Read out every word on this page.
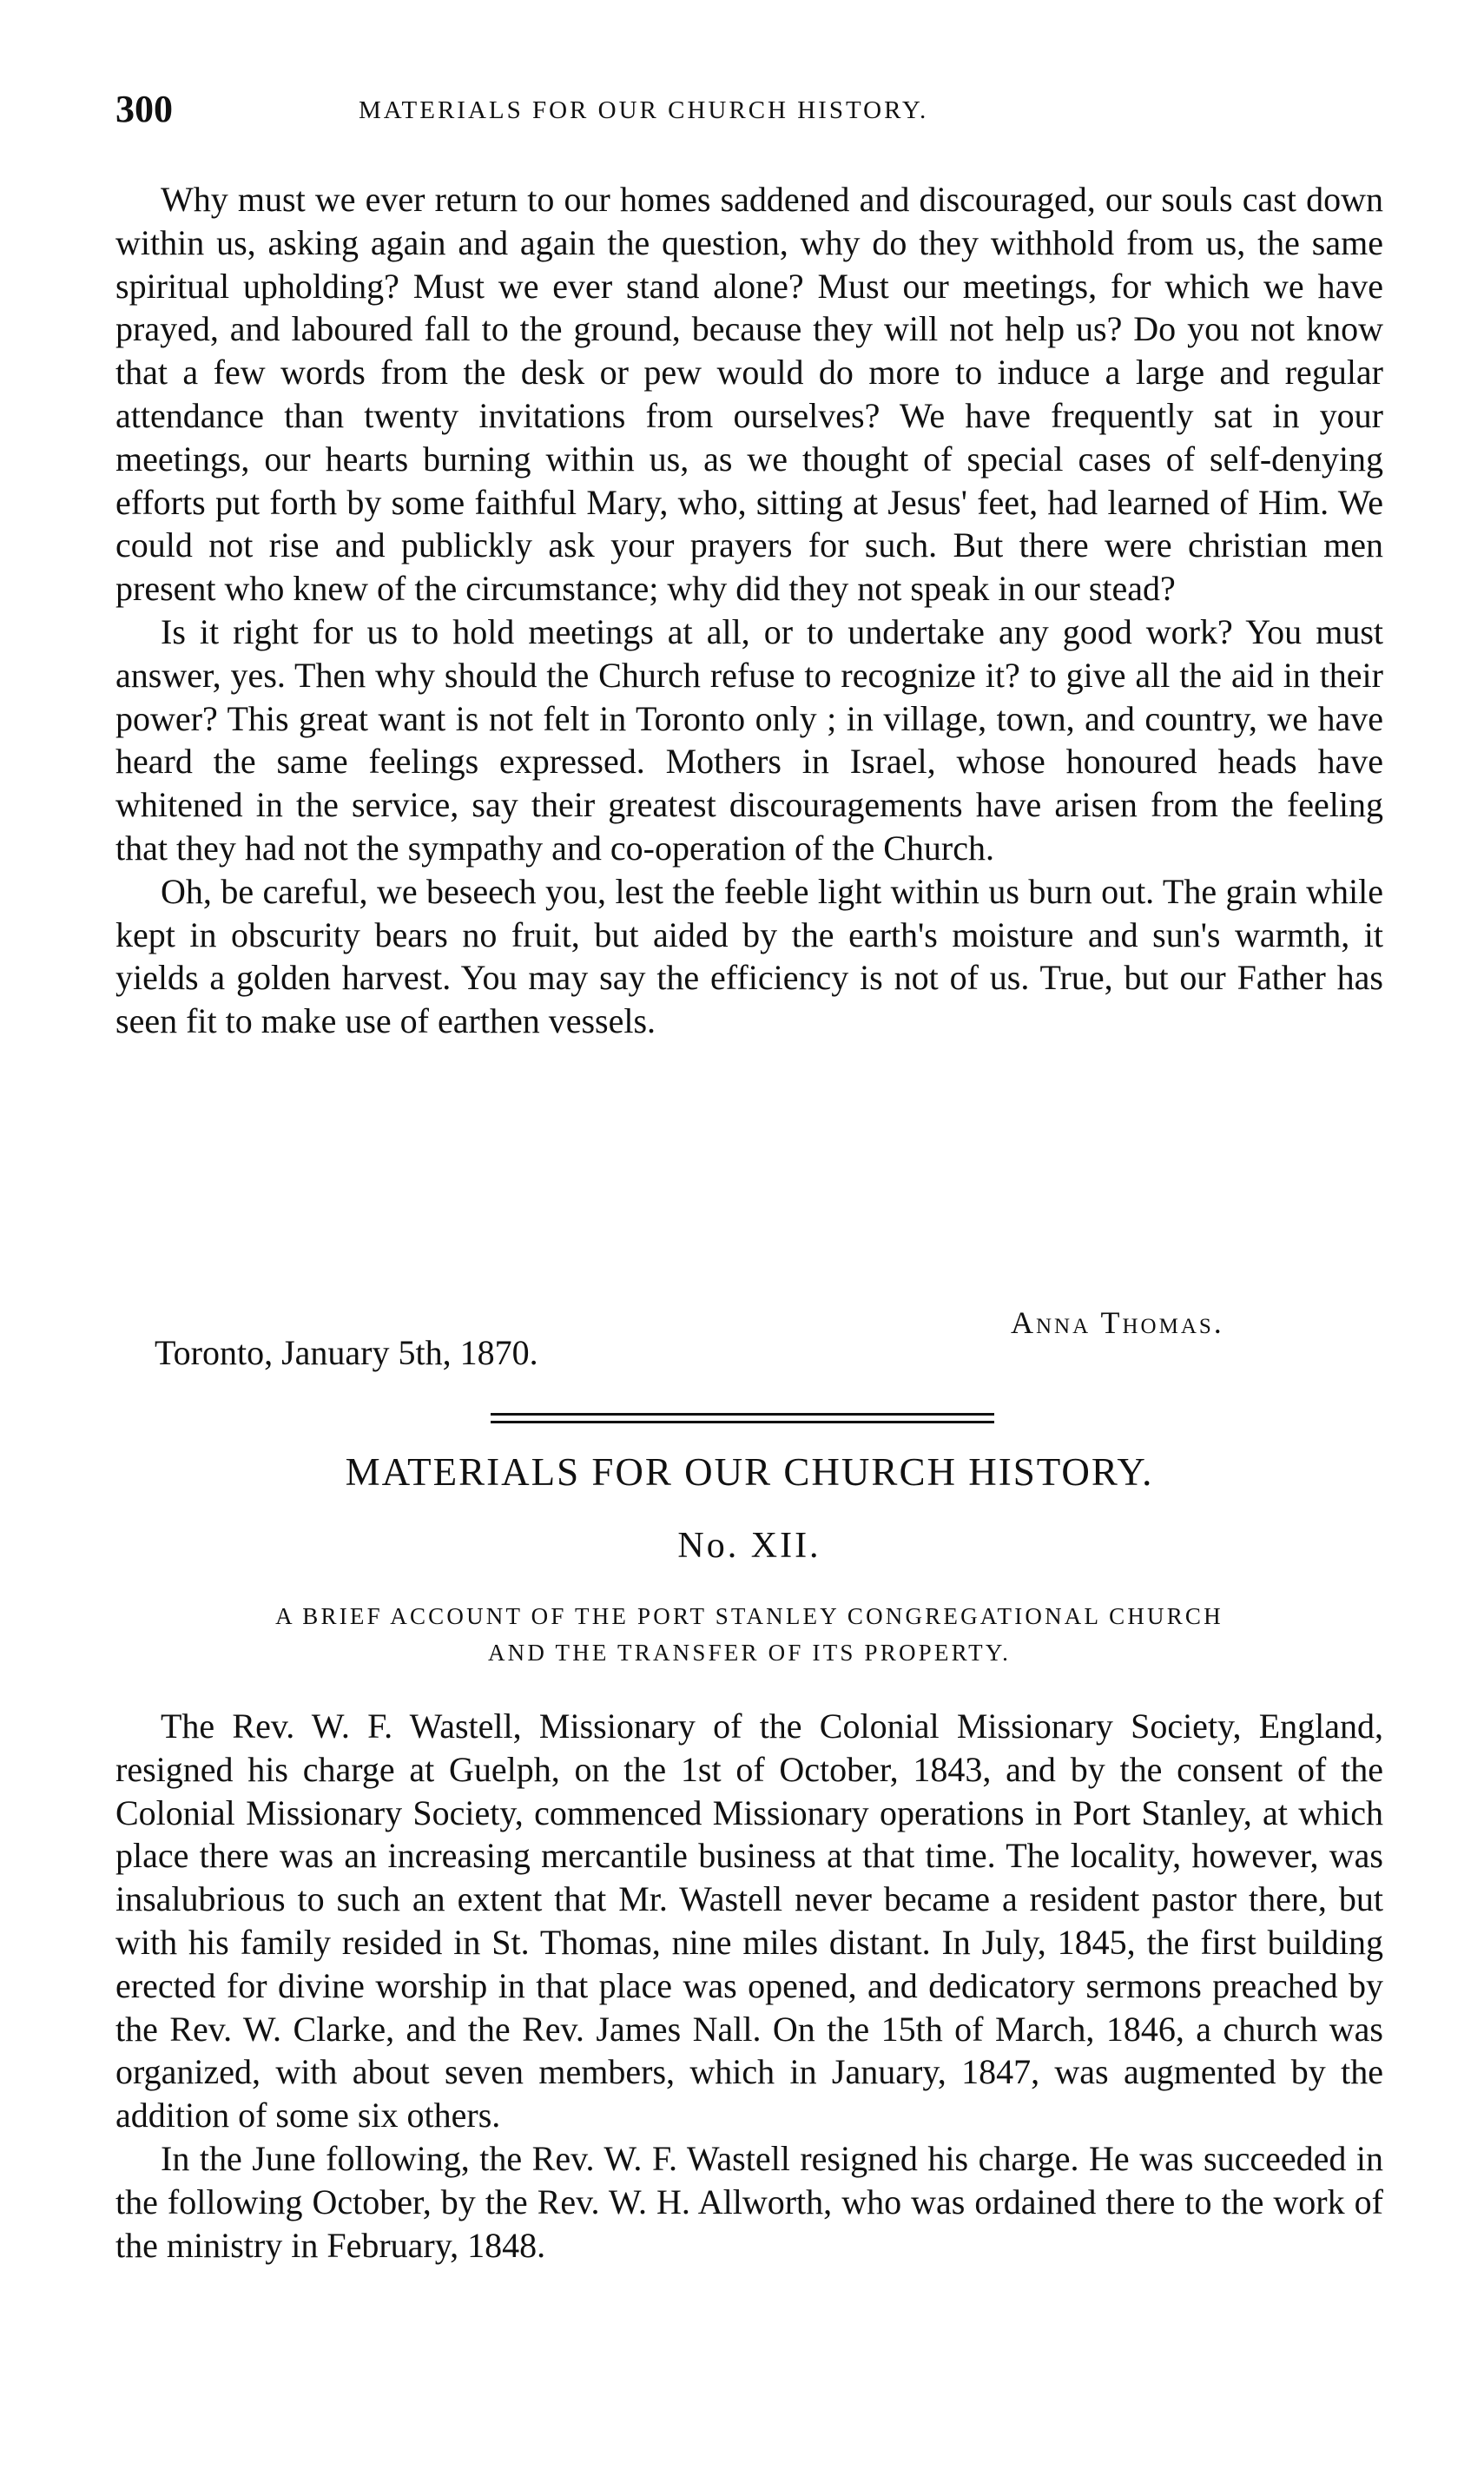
300	MATERIALS FOR OUR CHURCH HISTORY.

Why must we ever return to our homes saddened and discouraged, our souls cast down within us, asking again and again the question, why do they withhold from us, the same spiritual upholding? Must we ever stand alone? Must our meetings, for which we have prayed, and laboured fall to the ground, because they will not help us? Do you not know that a few words from the desk or pew would do more to induce a large and regular attendance than twenty invitations from ourselves? We have frequently sat in your meetings, our hearts burning within us, as we thought of special cases of self-denying efforts put forth by some faithful Mary, who, sitting at Jesus' feet, had learned of Him. We could not rise and publickly ask your prayers for such. But there were christian men present who knew of the circumstance; why did they not speak in our stead?

Is it right for us to hold meetings at all, or to undertake any good work? You must answer, yes. Then why should the Church refuse to recognize it? to give all the aid in their power? This great want is not felt in Toronto only ; in village, town, and country, we have heard the same feelings expressed. Mothers in Israel, whose honoured heads have whitened in the service, say their greatest discouragements have arisen from the feeling that they had not the sympathy and co-operation of the Church.

Oh, be careful, we beseech you, lest the feeble light within us burn out. The grain while kept in obscurity bears no fruit, but aided by the earth's moisture and sun's warmth, it yields a golden harvest. You may say the efficiency is not of us. True, but our Father has seen fit to make use of earthen vessels.

Anna Thomas.
Toronto, January 5th, 1870.
MATERIALS FOR OUR CHURCH HISTORY.
No. XII.
A BRIEF ACCOUNT OF THE PORT STANLEY CONGREGATIONAL CHURCH
AND THE TRANSFER OF ITS PROPERTY.

The Rev. W. F. Wastell, Missionary of the Colonial Missionary Society, England, resigned his charge at Guelph, on the 1st of October, 1843, and by the consent of the Colonial Missionary Society, commenced Missionary operations in Port Stanley, at which place there was an increasing mercantile business at that time. The locality, however, was insalubrious to such an extent that Mr. Wastell never became a resident pastor there, but with his family resided in St. Thomas, nine miles distant. In July, 1845, the first building erected for divine worship in that place was opened, and dedicatory sermons preached by the Rev. W. Clarke, and the Rev. James Nall. On the 15th of March, 1846, a church was organized, with about seven members, which in January, 1847, was augmented by the addition of some six others.

In the June following, the Rev. W. F. Wastell resigned his charge. He was succeeded in the following October, by the Rev. W. H. Allworth, who was ordained there to the work of the ministry in February, 1848.
